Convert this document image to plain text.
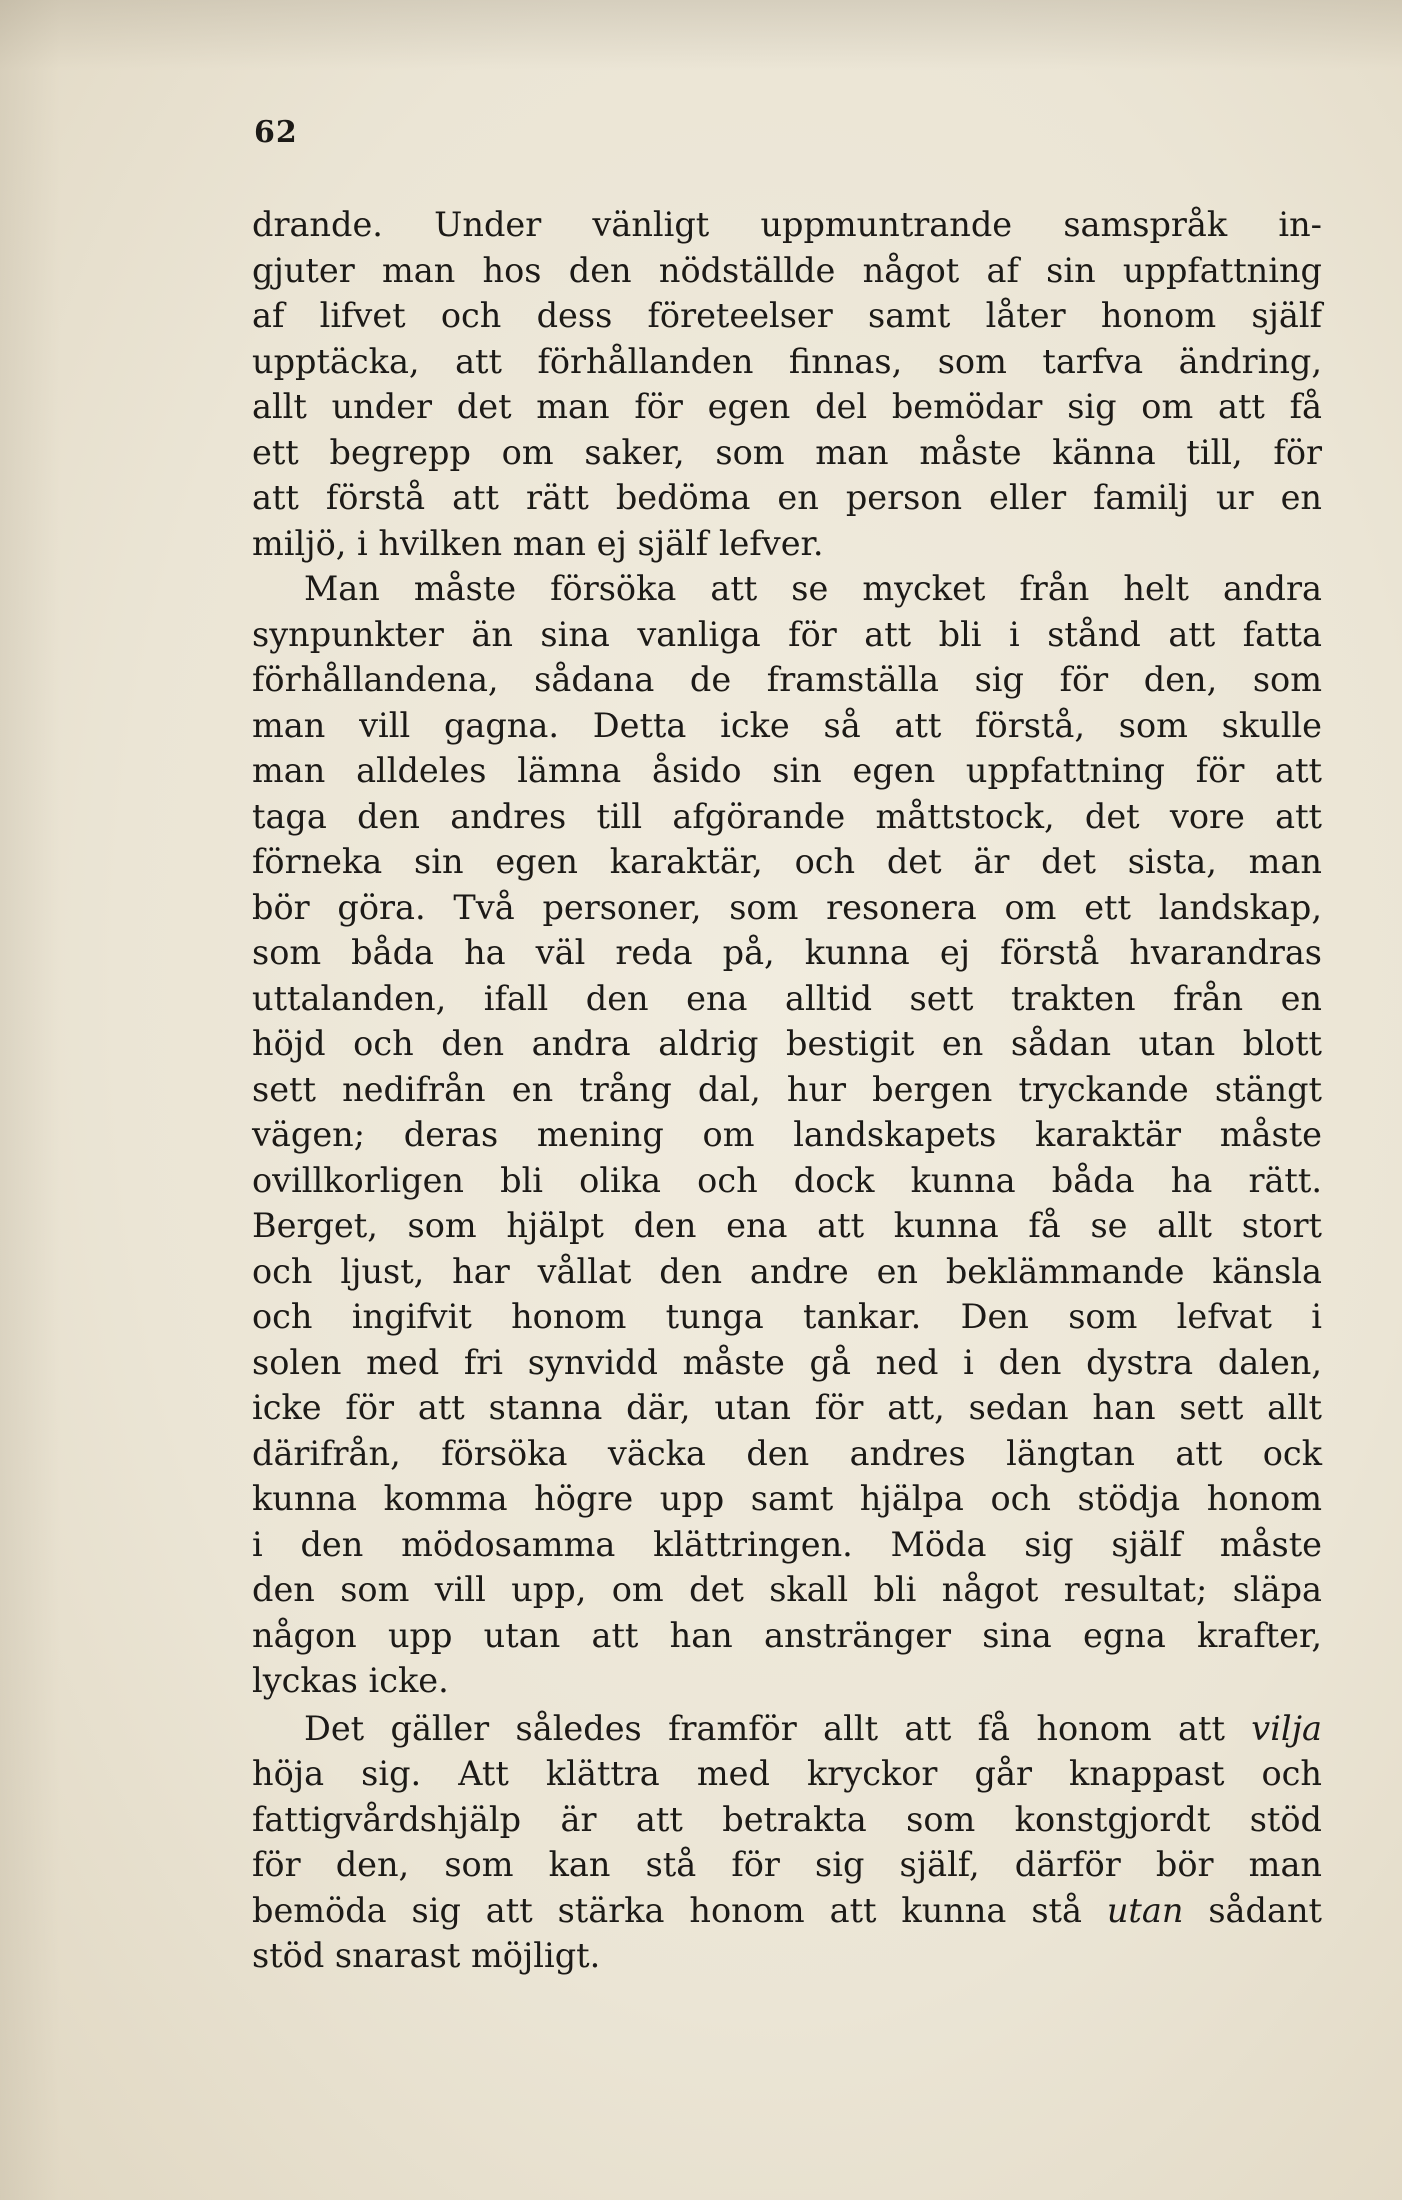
62
drande. Under vänligt uppmuntrande samspråk in-
gjuter man hos den nödställde något af sin uppfattning
af lifvet och dess företeelser samt låter honom själf
upptäcka, att förhållanden finnas, som tarfva ändring,
allt under det man för egen del bemödar sig om att få
ett begrepp om saker, som man måste känna till, för
att förstå att rätt bedöma en person eller familj ur en
miljö, i hvilken man ej själf lefver.
Man måste försöka att se mycket från helt andra
synpunkter än sina vanliga för att bli i stånd att fatta
förhållandena, sådana de framställa sig för den, som
man vill gagna. Detta icke så att förstå, som skulle
man alldeles lämna åsido sin egen uppfattning för att
taga den andres till afgörande måttstock, det vore att
förneka sin egen karaktär, och det är det sista, man
bör göra. Två personer, som resonera om ett landskap,
som båda ha väl reda på, kunna ej förstå hvarandras
uttalanden, ifall den ena alltid sett trakten från en
höjd och den andra aldrig bestigit en sådan utan blott
sett nedifrån en trång dal, hur bergen tryckande stängt
vägen; deras mening om landskapets karaktär måste
ovillkorligen bli olika och dock kunna båda ha rätt.
Berget, som hjälpt den ena att kunna få se allt stort
och ljust, har vållat den andre en beklämmande känsla
och ingifvit honom tunga tankar. Den som lefvat i
solen med fri synvidd måste gå ned i den dystra dalen,
icke för att stanna där, utan för att, sedan han sett allt
därifrån, försöka väcka den andres längtan att ock
kunna komma högre upp samt hjälpa och stödja honom
i den mödosamma klättringen. Möda sig själf måste
den som vill upp, om det skall bli något resultat; släpa
någon upp utan att han anstränger sina egna krafter,
lyckas icke.
Det gäller således framför allt att få honom att vilja
höja sig. Att klättra med kryckor går knappast och
fattigvårdshjälp är att betrakta som konstgjordt stöd
för den, som kan stå för sig själf, därför bör man
bemöda sig att stärka honom att kunna stå utan sådant
stöd snarast möjligt.
